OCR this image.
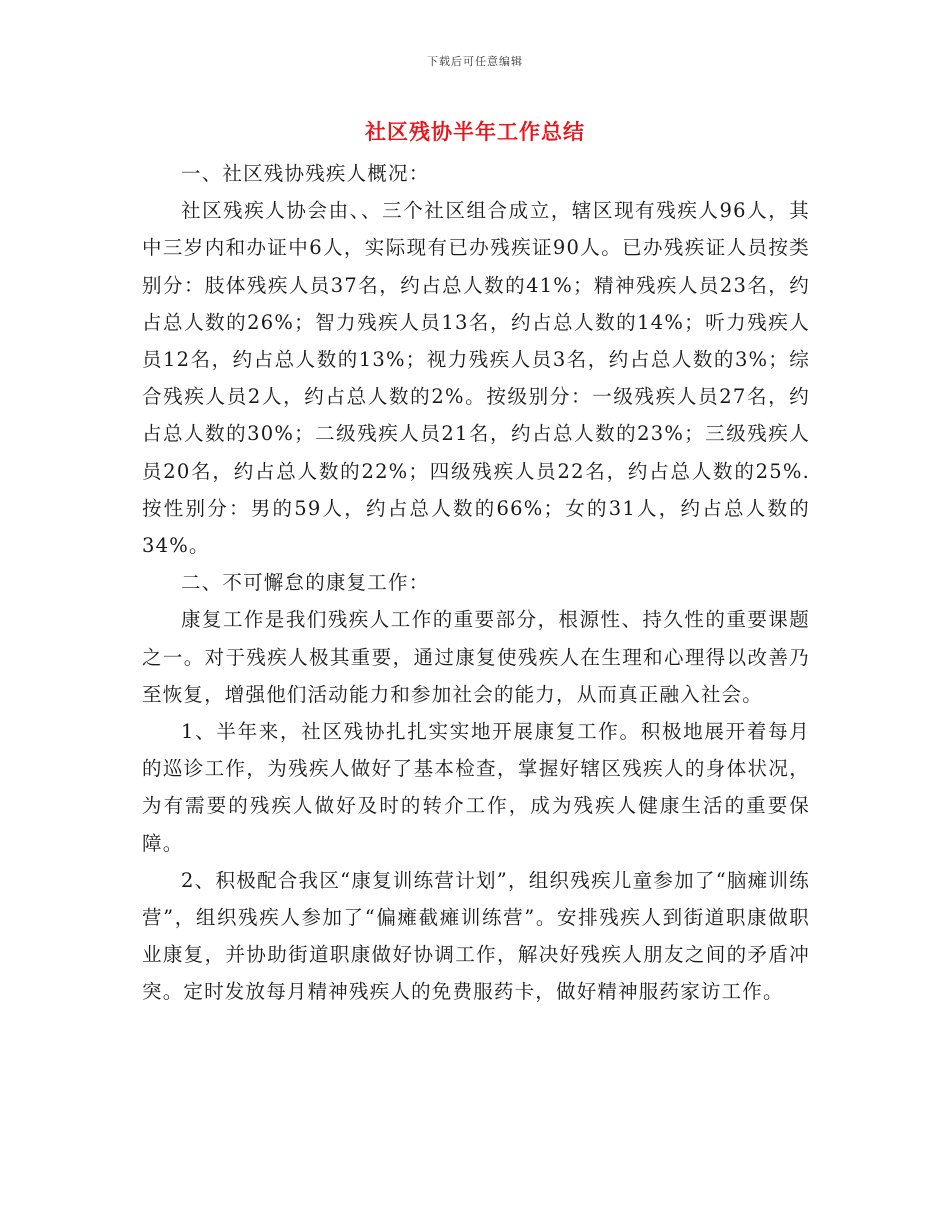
下载后可任意编辑
社区残协半年工作总结

一、社区残协残疾人概况：

社区残疾人协会由、、三个社区组合成立，辖区现有残疾人96人，其中三岁内和办证中6人，实际现有已办残疾证90人。已办残疾证人员按类别分：肢体残疾人员37名，约占总人数的41%；精神残疾人员23名，约占总人数的26%；智力残疾人员13名，约占总人数的14%；听力残疾人员12名，约占总人数的13%；视力残疾人员3名，约占总人数的3%；综合残疾人员2人，约占总人数的2%。按级别分：一级残疾人员27名，约占总人数的30%；二级残疾人员21名，约占总人数的23%；三级残疾人员20名，约占总人数的22%；四级残疾人员22名，约占总人数的25%.按性别分：男的59人，约占总人数的66%；女的31人，约占总人数的34%。

二、不可懈怠的康复工作：

康复工作是我们残疾人工作的重要部分，根源性、持久性的重要课题之一。对于残疾人极其重要，通过康复使残疾人在生理和心理得以改善乃至恢复，增强他们活动能力和参加社会的能力，从而真正融入社会。

1、半年来，社区残协扎扎实实地开展康复工作。积极地展开着每月的巡诊工作，为残疾人做好了基本检查，掌握好辖区残疾人的身体状况，为有需要的残疾人做好及时的转介工作，成为残疾人健康生活的重要保障。

2、积极配合我区“康复训练营计划”，组织残疾儿童参加了“脑瘫训练营”，组织残疾人参加了“偏瘫截瘫训练营”。安排残疾人到街道职康做职业康复，并协助街道职康做好协调工作，解决好残疾人朋友之间的矛盾冲突。定时发放每月精神残疾人的免费服药卡，做好精神服药家访工作。
